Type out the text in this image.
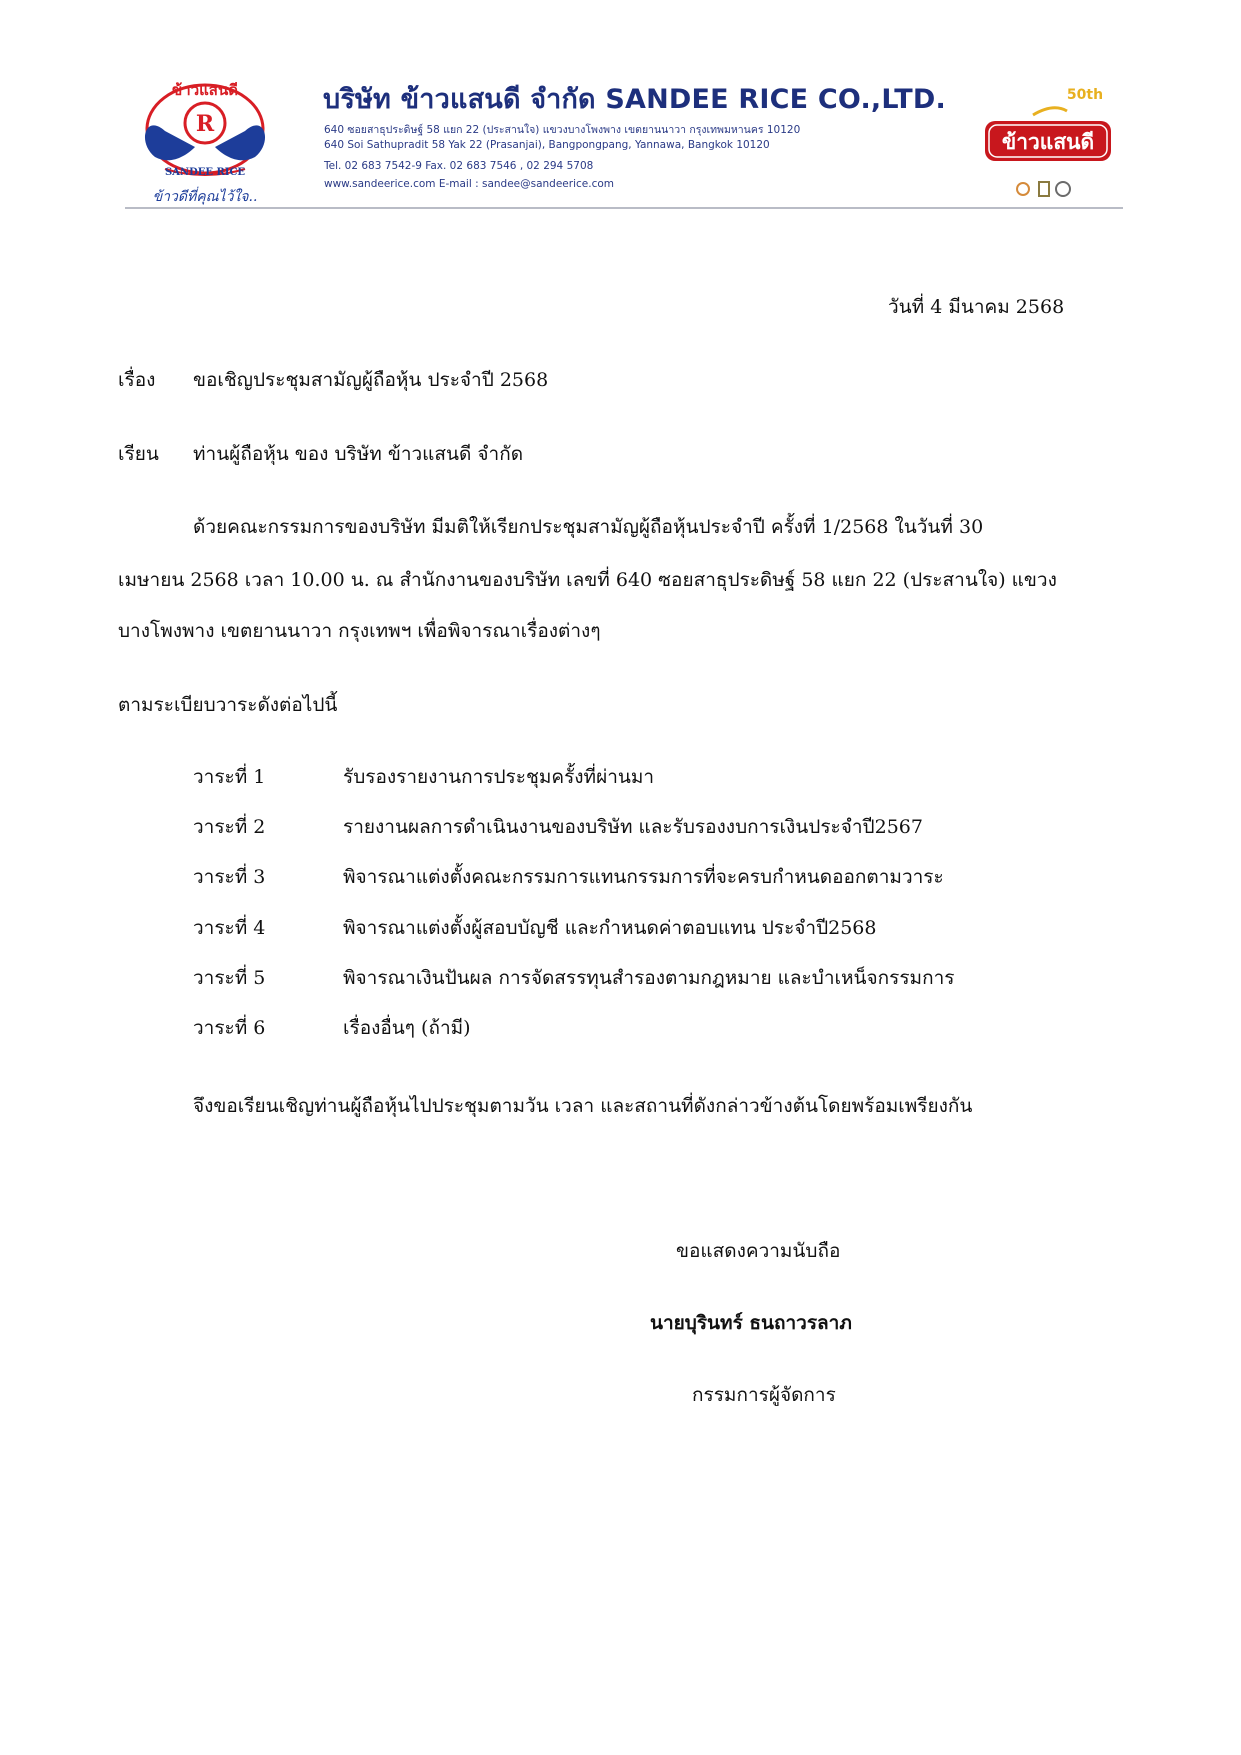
R
ข้าวแสนดี
SANDEE RICE
ข้าวดีที่คุณไว้ใจ..
บริษัท ข้าวแสนดี จำกัด SANDEE RICE CO.,LTD.
640 ซอยสาธุประดิษฐ์ 58 แยก 22 (ประสานใจ) แขวงบางโพงพาง เขตยานนาวา กรุงเทพมหานคร 10120
640 Soi Sathupradit 58 Yak 22 (Prasanjai), Bangpongpang, Yannawa, Bangkok 10120
Tel. 02 683 7542-9 Fax. 02 683 7546 , 02 294 5708
www.sandeerice.com E-mail : sandee@sandeerice.com
50th
ข้าวแสนดี
วันที่ 4 มีนาคม 2568
เรื่อง ขอเชิญประชุมสามัญผู้ถือหุ้น ประจำปี 2568
เรียน ท่านผู้ถือหุ้น ของ บริษัท ข้าวแสนดี จำกัด
ด้วยคณะกรรมการของบริษัท มีมติให้เรียกประชุมสามัญผู้ถือหุ้นประจำปี ครั้งที่ 1/2568 ในวันที่ 30
เมษายน 2568 เวลา 10.00 น. ณ สำนักงานของบริษัท เลขที่ 640 ซอยสาธุประดิษฐ์ 58 แยก 22 (ประสานใจ) แขวง
บางโพงพาง เขตยานนาวา กรุงเทพฯ เพื่อพิจารณาเรื่องต่างๆ
ตามระเบียบวาระดังต่อไปนี้
วาระที่ 1	รับรองรายงานการประชุมครั้งที่ผ่านมา
วาระที่ 2	รายงานผลการดำเนินงานของบริษัท และรับรองงบการเงินประจำปี2567
วาระที่ 3	พิจารณาแต่งตั้งคณะกรรมการแทนกรรมการที่จะครบกำหนดออกตามวาระ
วาระที่ 4	พิจารณาแต่งตั้งผู้สอบบัญชี และกำหนดค่าตอบแทน ประจำปี2568
วาระที่ 5	พิจารณาเงินปันผล การจัดสรรทุนสำรองตามกฎหมาย และบำเหน็จกรรมการ
วาระที่ 6	เรื่องอื่นๆ (ถ้ามี)
จึงขอเรียนเชิญท่านผู้ถือหุ้นไปประชุมตามวัน เวลา และสถานที่ดังกล่าวข้างต้นโดยพร้อมเพรียงกัน
ขอแสดงความนับถือ
นายบุรินทร์ ธนถาวรลาภ
กรรมการผู้จัดการ
